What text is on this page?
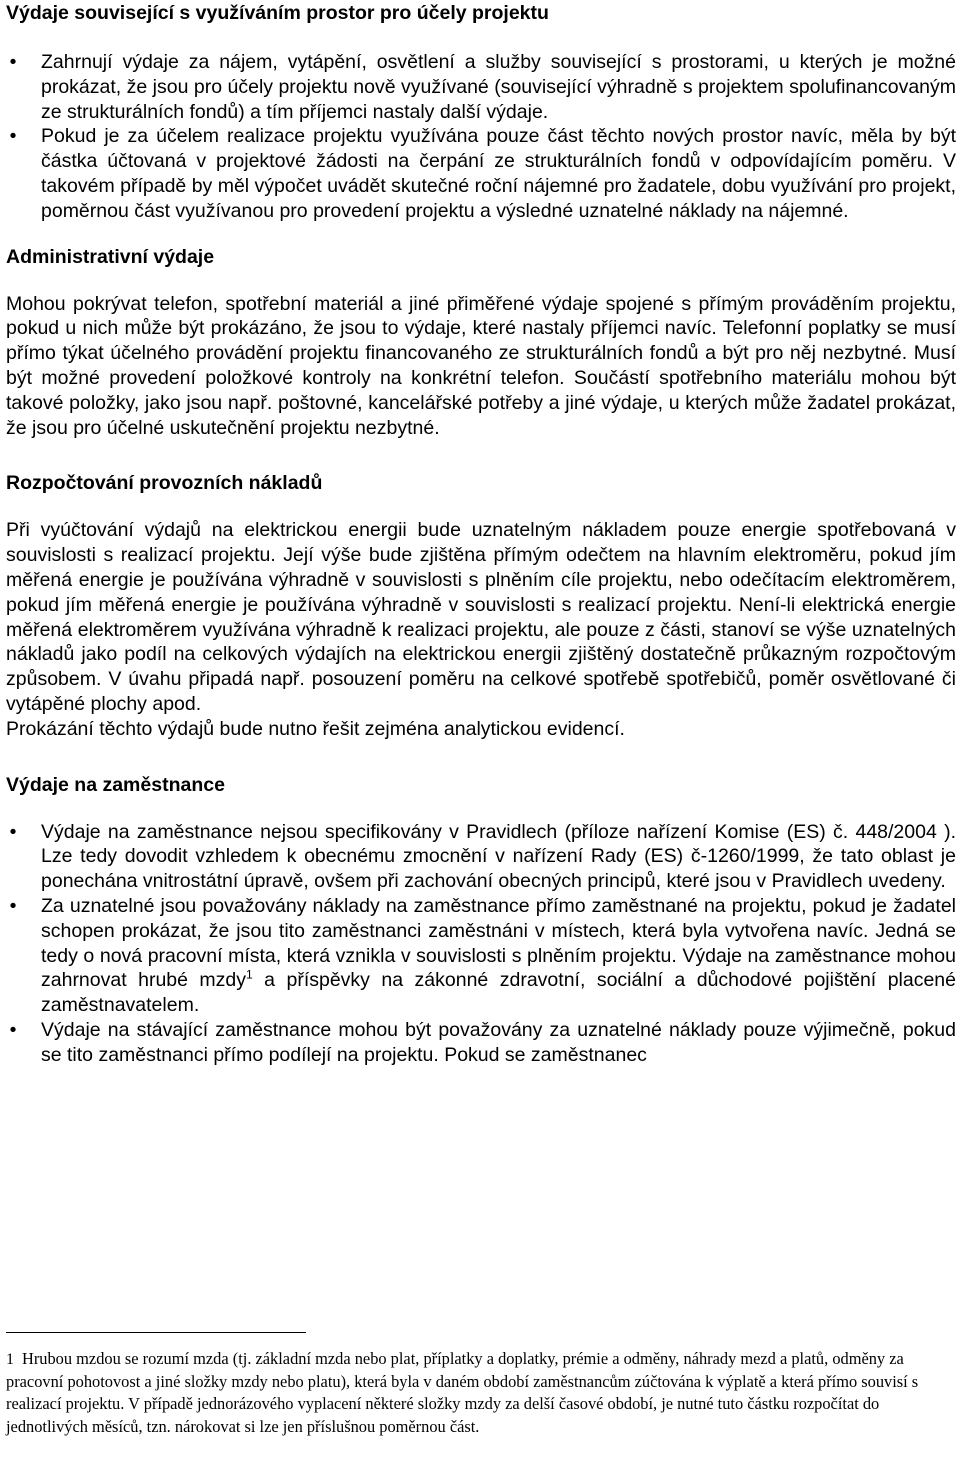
Výdaje související s využíváním prostor pro účely projektu
• Zahrnují výdaje za nájem, vytápění, osvětlení a služby související s prostorami, u kterých je možné prokázat, že jsou pro účely projektu nově využívané (související výhradně s projektem spolufinancovaným ze strukturálních fondů) a tím příjemci nastaly další výdaje.
• Pokud je za účelem realizace projektu využívána pouze část těchto nových prostor navíc, měla by být částka účtovaná v projektové žádosti na čerpání ze strukturálních fondů v odpovídajícím poměru. V takovém případě by měl výpočet uvádět skutečné roční nájemné pro žadatele, dobu využívání pro projekt, poměrnou část využívanou pro provedení projektu a výsledné uznatelné náklady na nájemné.
Administrativní výdaje

Mohou pokrývat telefon, spotřební materiál a jiné přiměřené výdaje spojené s přímým prováděním projektu, pokud u nich může být prokázáno, že jsou to výdaje, které nastaly příjemci navíc. Telefonní poplatky se musí přímo týkat účelného provádění projektu financovaného ze strukturálních fondů a být pro něj nezbytné. Musí být možné provedení položkové kontroly na konkrétní telefon. Součástí spotřebního materiálu mohou být takové položky, jako jsou např. poštovné, kancelářské potřeby a jiné výdaje, u kterých může žadatel prokázat, že jsou pro účelné uskutečnění projektu nezbytné.

Rozpočtování provozních nákladů

Při vyúčtování výdajů na elektrickou energii bude uznatelným nákladem pouze energie spotřebovaná v souvislosti s realizací projektu. Její výše bude zjištěna přímým odečtem na hlavním elektroměru, pokud jím měřená energie je používána výhradně v souvislosti s plněním cíle projektu, nebo odečítacím elektroměrem, pokud jím měřená energie je používána výhradně v souvislosti s realizací projektu. Není-li elektrická energie měřená elektroměrem využívána výhradně k realizaci projektu, ale pouze z části, stanoví se výše uznatelných nákladů jako podíl na celkových výdajích na elektrickou energii zjištěný dostatečně průkazným rozpočtovým způsobem. V úvahu připadá např. posouzení poměru na celkové spotřebě spotřebičů, poměr osvětlované či vytápěné plochy apod.

Prokázání těchto výdajů bude nutno řešit zejména analytickou evidencí.

Výdaje na zaměstnance
• Výdaje na zaměstnance nejsou specifikovány v Pravidlech (příloze nařízení Komise (ES) č. 448/2004 ). Lze tedy dovodit vzhledem k obecnému zmocnění v nařízení Rady (ES) č-1260/1999, že tato oblast je ponechána vnitrostátní úpravě, ovšem při zachování obecných principů, které jsou v Pravidlech uvedeny.
• Za uznatelné jsou považovány náklady na zaměstnance přímo zaměstnané na projektu, pokud je žadatel schopen prokázat, že jsou tito zaměstnanci zaměstnáni v místech, která byla vytvořena navíc. Jedná se tedy o nová pracovní místa, která vznikla v souvislosti s plněním projektu. Výdaje na zaměstnance mohou zahrnovat hrubé mzdy$^1$ a příspěvky na zákonné zdravotní, sociální a důchodové pojištění placené zaměstnavatelem.
• Výdaje na stávající zaměstnance mohou být považovány za uznatelné náklady pouze výjimečně, pokud se tito zaměstnanci přímo podílejí na projektu. Pokud se zaměstnanec

1 Hrubou mzdou se rozumí mzda (tj. základní mzda nebo plat, příplatky a doplatky, prémie a odměny, náhrady mezd a platů, odměny za pracovní pohotovost a jiné složky mzdy nebo platu), která byla v daném období zaměstnancům zúčtována k výplatě a která přímo souvisí s realizací projektu. V případě jednorázového vyplacení některé složky mzdy za delší časové období, je nutné tuto částku rozpočítat do jednotlivých měsíců, tzn. nárokovat si lze jen příslušnou poměrnou část.
